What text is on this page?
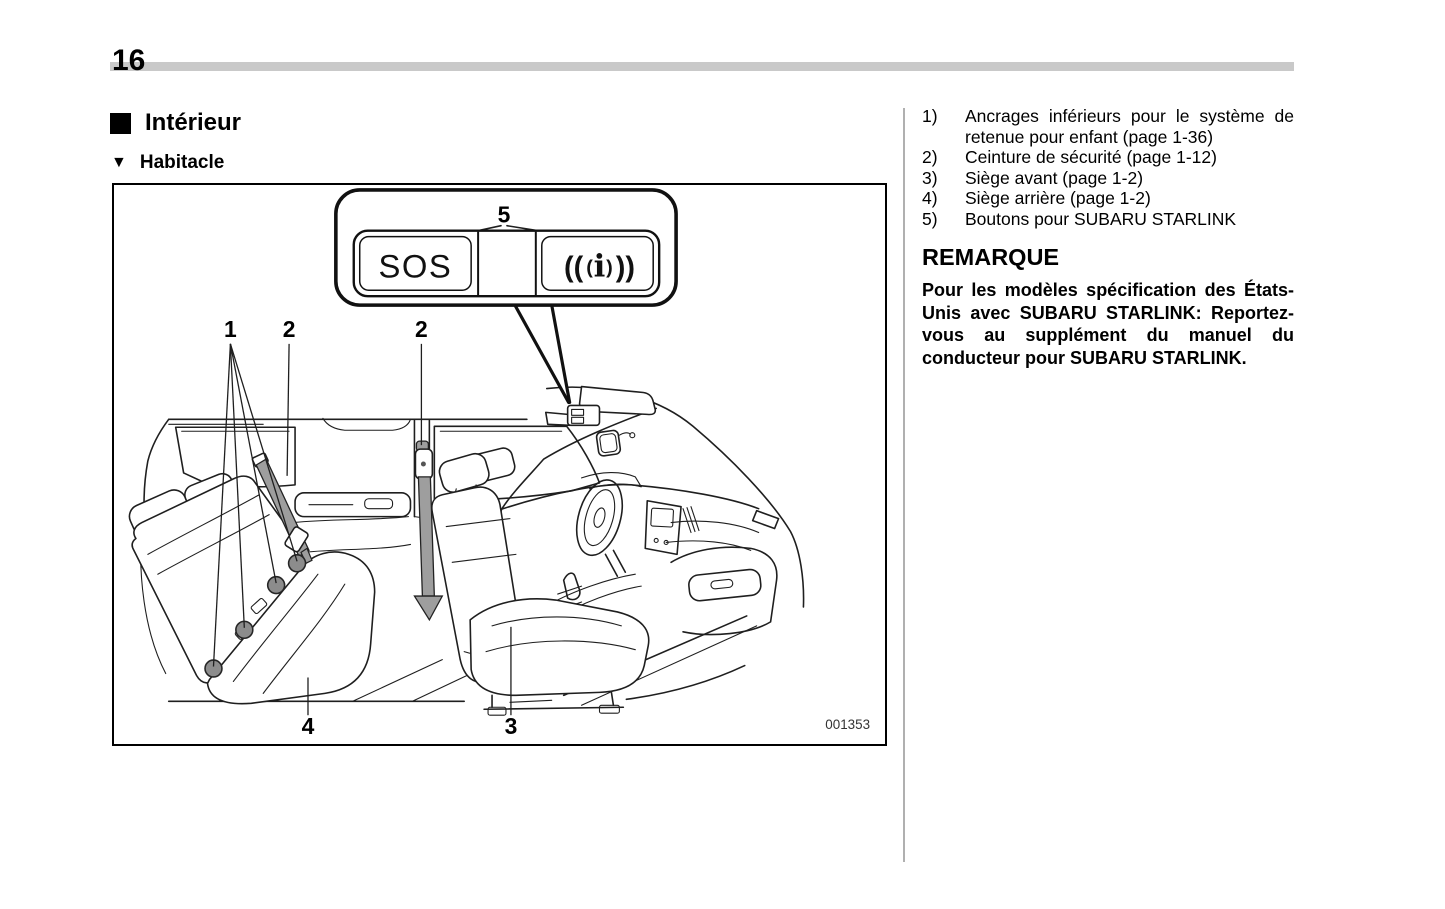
16
Intérieur
▼ Habitacle
1 2	2
3
4
5
SOS	(( ( i ) ))
001353
1)	Ancrages inférieurs pour le système de retenue pour enfant (page 1-36)
2)	Ceinture de sécurité (page 1-12)
3)	Siège avant (page 1-2)
4)	Siège arrière (page 1-2)
5)	Boutons pour SUBARU STARLINK
REMARQUE
Pour les modèles spécification des États-Unis avec SUBARU STARLINK: Reportez-vous au supplément du manuel du conducteur pour SUBARU STARLINK.
